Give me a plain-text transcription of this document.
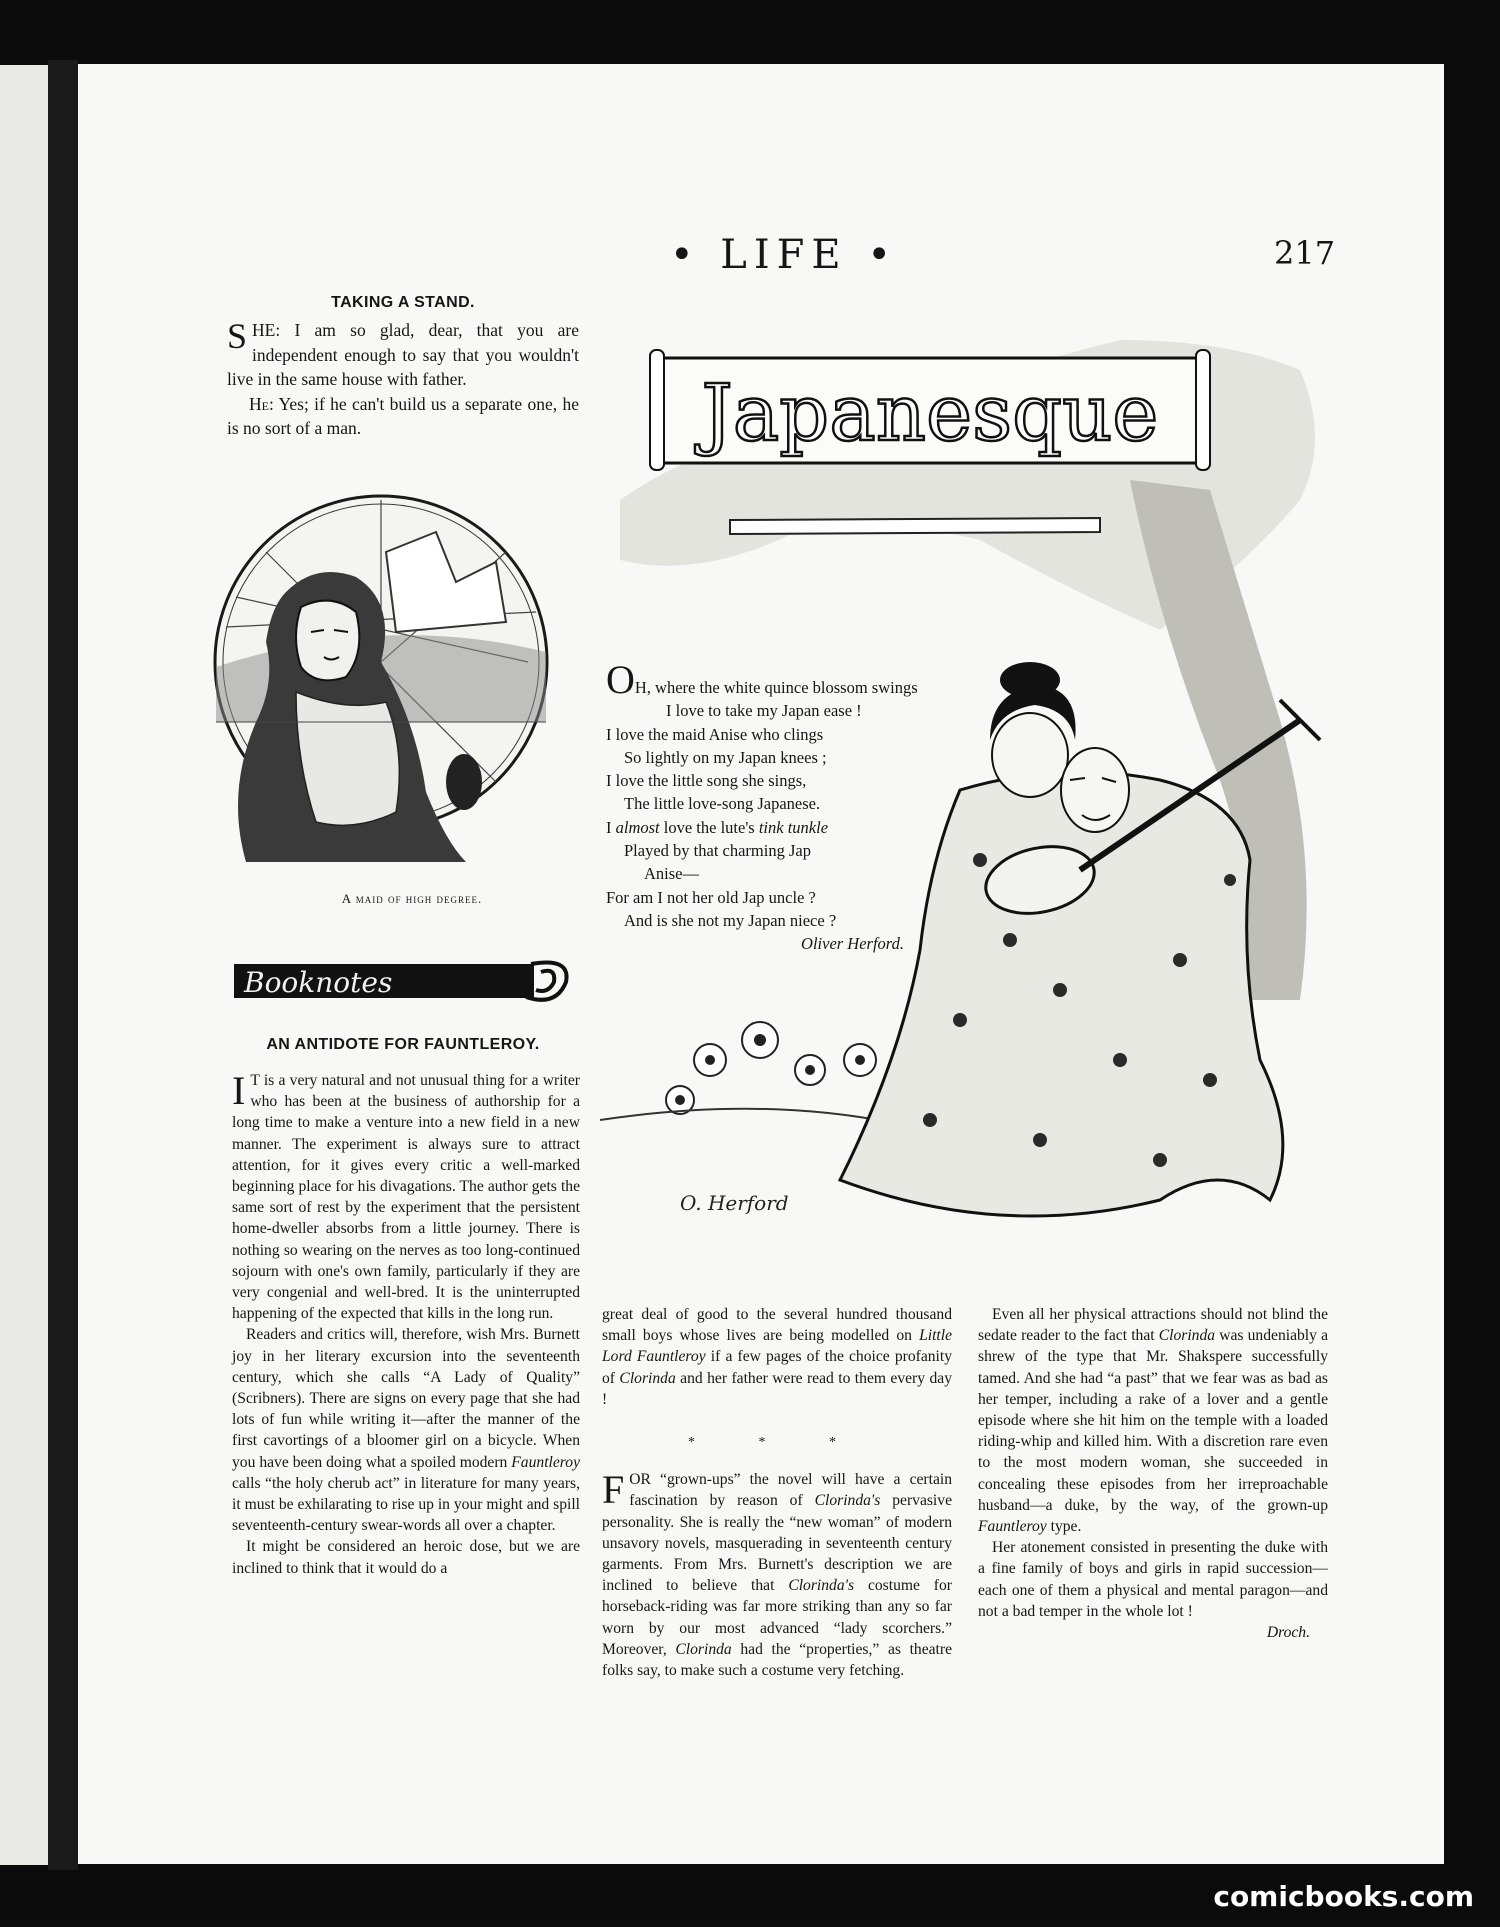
• LIFE •	217
TAKING A STAND.

SHE: I am so glad, dear, that you are independent enough to say that you wouldn't live in the same house with father.

He: Yes; if he can't build us a separate one, he is no sort of a man.

A maid of high degree.
Booknotes
Japanesque
O. Herford
OH, where the white quince blossom swings
I love to take my Japan ease !
I love the maid Anise who clings
So lightly on my Japan knees ;
I love the little song she sings,
The little love-song Japanese.
I almost love the lute's tink tunkle
Played by that charming Jap
Anise—
For am I not her old Jap uncle ?
And is she not my Japan niece ?
Oliver Herford.
AN ANTIDOTE FOR FAUNTLEROY.

I T is a very natural and not unusual thing for a writer who has been at the business of authorship for a long time to make a venture into a new field in a new manner. The experiment is always sure to attract attention, for it gives every critic a well-marked beginning place for his divagations. The author gets the same sort of rest by the experiment that the persistent home-dweller absorbs from a little journey. There is nothing so wearing on the nerves as too long-continued sojourn with one's own family, particularly if they are very congenial and well-bred. It is the uninterrupted happening of the expected that kills in the long run.

Readers and critics will, therefore, wish Mrs. Burnett joy in her literary excursion into the seventeenth century, which she calls “A Lady of Quality” (Scribners). There are signs on every page that she had lots of fun while writing it—after the manner of the first cavortings of a bloomer girl on a bicycle. When you have been doing what a spoiled modern Fauntleroy calls “the holy cherub act” in literature for many years, it must be exhilarating to rise up in your might and spill seventeenth-century swear-words all over a chapter.

It might be considered an heroic dose, but we are inclined to think that it would do a

great deal of good to the several hundred thousand small boys whose lives are being modelled on Little Lord Fauntleroy if a few pages of the choice profanity of Clorinda and her father were read to them every day !

* * *

FOR “grown-ups” the novel will have a certain fascination by reason of Clorinda's pervasive personality. She is really the “new woman” of modern unsavory novels, masquerading in seventeenth century garments. From Mrs. Burnett's description we are inclined to believe that Clorinda's costume for horseback-riding was far more striking than any so far worn by our most advanced “lady scorchers.” Moreover, Clorinda had the “properties,” as theatre folks say, to make such a costume very fetching.

Even all her physical attractions should not blind the sedate reader to the fact that Clorinda was undeniably a shrew of the type that Mr. Shakspere successfully tamed. And she had “a past” that we fear was as bad as her temper, including a rake of a lover and a gentle episode where she hit him on the temple with a loaded riding-whip and killed him. With a discretion rare even to the most modern woman, she succeeded in concealing these episodes from her irreproachable husband—a duke, by the way, of the grown-up Fauntleroy type.

Her atonement consisted in presenting the duke with a fine family of boys and girls in rapid succession—each one of them a physical and mental paragon—and not a bad temper in the whole lot !

Droch.
comicbooks.com
